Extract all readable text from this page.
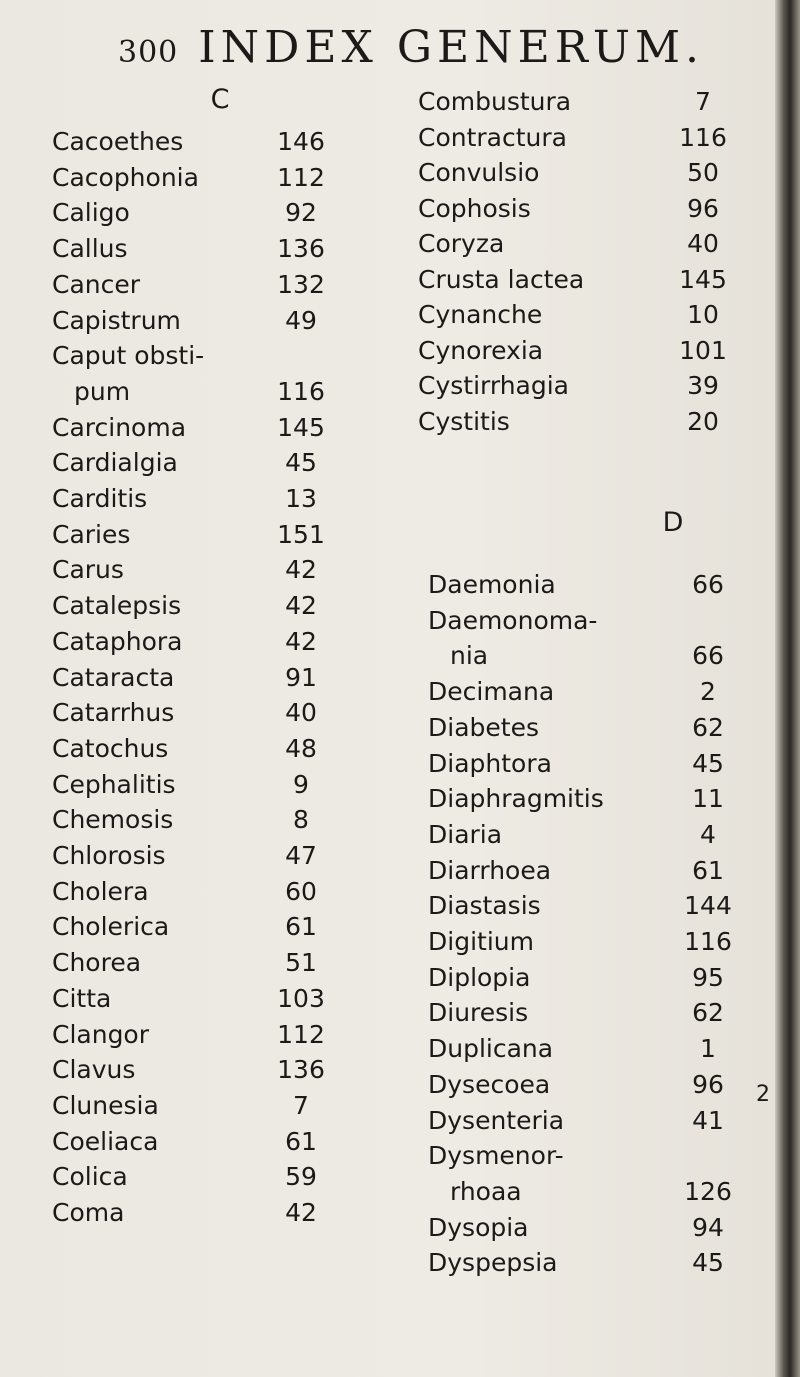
300 INDEX GENERUM.
C
D
Cacoethes	146
Cacophonia	112
Caligo	92
Callus	136
Cancer	132
Capistrum	49
Caput obsti-
pum	116
Carcinoma	145
Cardialgia	45
Carditis	13
Caries	151
Carus	42
Catalepsis	42
Cataphora	42
Cataracta	91
Catarrhus	40
Catochus	48
Cephalitis	9
Chemosis	8
Chlorosis	47
Cholera	60
Cholerica	61
Chorea	51
Citta	103
Clangor	112
Clavus	136
Clunesia	7
Coeliaca	61
Colica	59
Coma	42
Combustura	7
Contractura	116
Convulsio	50
Cophosis	96
Coryza	40
Crusta lactea	145
Cynanche	10
Cynorexia	101
Cystirrhagia	39
Cystitis	20
Daemonia	66
Daemonoma-
nia	66
Decimana	2
Diabetes	62
Diaphtora	45
Diaphragmitis	11
Diaria	4
Diarrhoea	61
Diastasis	144
Digitium	116
Diplopia	95
Diuresis	62
Duplicana	1
Dysecoea	96
Dysenteria	41
Dysmenor-
rhoaa	126
Dysopia	94
Dyspepsia	45
2
